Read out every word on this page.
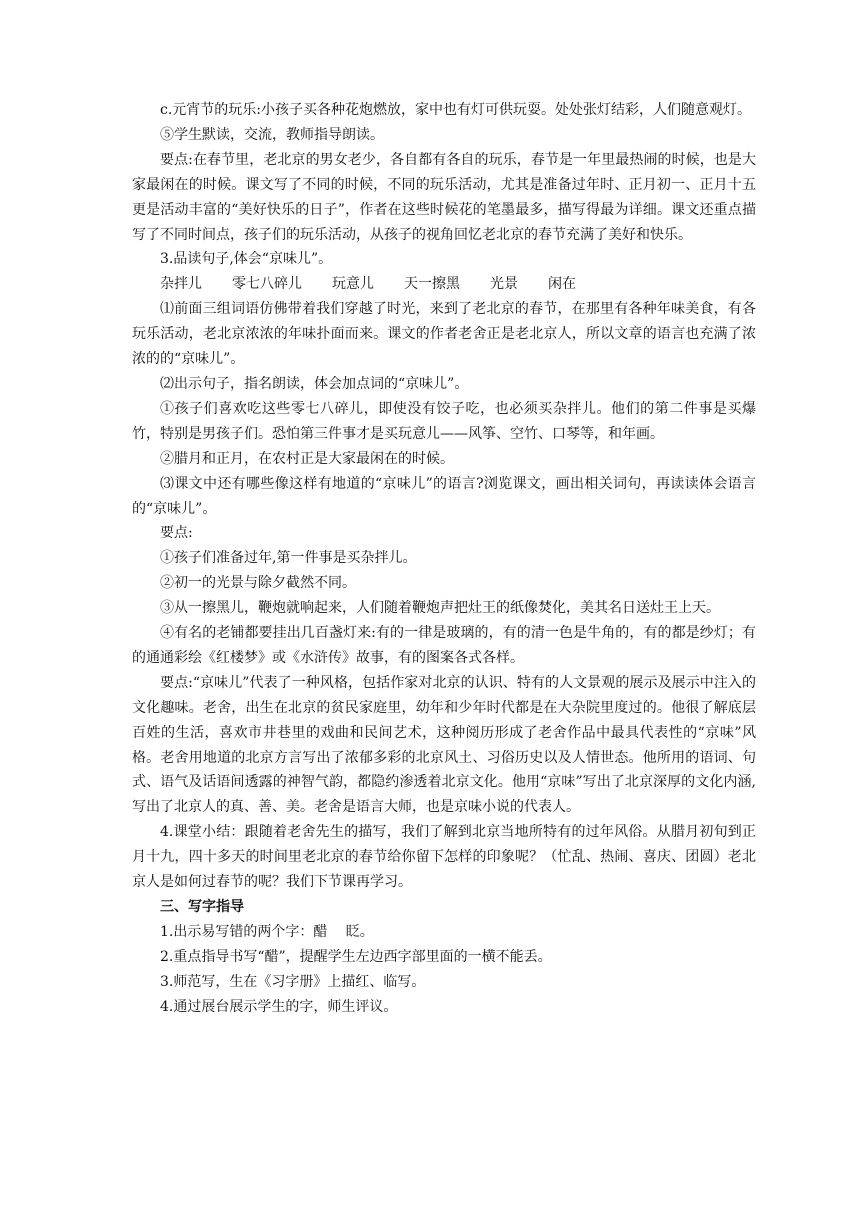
c.元宵节的玩乐:小孩子买各种花炮燃放，家中也有灯可供玩耍。处处张灯结彩，人们随意观灯。

⑤学生默读，交流，教师指导朗读。

要点:在春节里，老北京的男女老少，各自都有各自的玩乐，春节是一年里最热闹的时候，也是大家最闲在的时候。课文写了不同的时候，不同的玩乐活动，尤其是准备过年时、正月初一、正月十五更是活动丰富的“美好快乐的日子”，作者在这些时候花的笔墨最多，描写得最为详细。课文还重点描写了不同时间点，孩子们的玩乐活动，从孩子的视角回忆老北京的春节充满了美好和快乐。

3.品读句子,体会“京味儿”。

杂拌儿 零七八碎儿 玩意儿 天一擦黑 光景 闲在

⑴前面三组词语仿佛带着我们穿越了时光，来到了老北京的春节，在那里有各种年味美食，有各玩乐活动，老北京浓浓的年味扑面而来。课文的作者老舍正是老北京人，所以文章的语言也充满了浓浓的的“京味儿”。

⑵出示句子，指名朗读，体会加点词的“京味儿”。

①孩子们喜欢吃这些零七八碎儿，即使没有饺子吃，也必须买杂拌儿。他们的第二件事是买爆竹，特别是男孩子们。恐怕第三件事才是买玩意儿——风筝、空竹、口琴等，和年画。

②腊月和正月，在农村正是大家最闲在的时候。

⑶课文中还有哪些像这样有地道的“京味儿”的语言?浏览课文，画出相关词句，再读读体会语言的“京味儿”。

要点:

①孩子们准备过年,第一件事是买杂拌儿。

②初一的光景与除夕截然不同。

③从一擦黑儿，鞭炮就响起来，人们随着鞭炮声把灶王的纸像焚化，美其名日送灶王上天。

④有名的老铺都要挂出几百盏灯来:有的一律是玻璃的，有的清一色是牛角的，有的都是纱灯；有的通通彩绘《红楼梦》或《水浒传》故事，有的图案各式各样。

要点:“京味儿”代表了一种风格，包括作家对北京的认识、特有的人文景观的展示及展示中注入的文化趣味。老舍，出生在北京的贫民家庭里，幼年和少年时代都是在大杂院里度过的。他很了解底层百姓的生活，喜欢市井巷里的戏曲和民间艺术，这种阅历形成了老舍作品中最具代表性的“京味”风格。老舍用地道的北京方言写出了浓郁多彩的北京风土、习俗历史以及人情世态。他所用的语词、句式、语气及话语间透露的神智气韵，都隐约渗透着北京文化。他用“京味”写出了北京深厚的文化内涵,写出了北京人的真、善、美。老舍是语言大师，也是京味小说的代表人。

4.课堂小结：跟随着老舍先生的描写，我们了解到北京当地所特有的过年风俗。从腊月初旬到正月十九，四十多天的时间里老北京的春节给你留下怎样的印象呢？（忙乱、热闹、喜庆、团圆）老北京人是如何过春节的呢？我们下节课再学习。

三、写字指导

1.出示易写错的两个字：醋　 眨。

2.重点指导书写“醋”，提醒学生左边西字部里面的一横不能丢。

3.师范写，生在《习字册》上描红、临写。

4.通过展台展示学生的字，师生评议。
